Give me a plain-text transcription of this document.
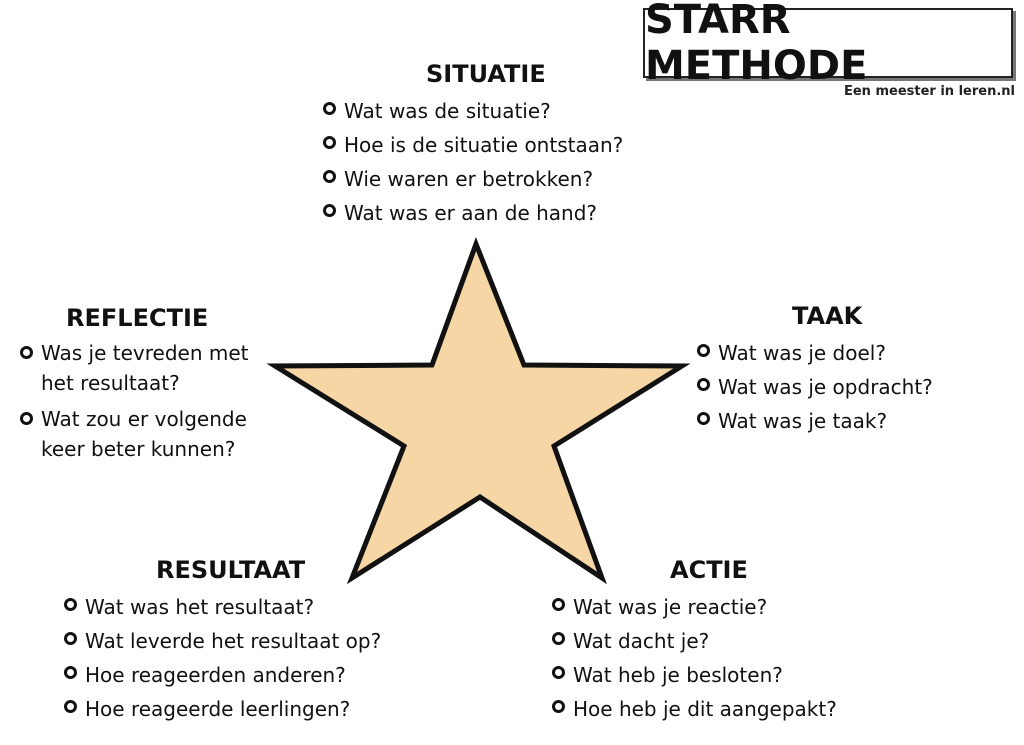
STARR METHODE
Een meester in leren.nl
SITUATIE
Wat was de situatie?
Hoe is de situatie ontstaan?
Wie waren er betrokken?
Wat was er aan de hand?
TAAK
Wat was je doel?
Wat was je opdracht?
Wat was je taak?
REFLECTIE
Was je tevreden met
het resultaat?
Wat zou er volgende
keer beter kunnen?
RESULTAAT
Wat was het resultaat?
Wat leverde het resultaat op?
Hoe reageerden anderen?
Hoe reageerde leerlingen?
ACTIE
Wat was je reactie?
Wat dacht je?
Wat heb je besloten?
Hoe heb je dit aangepakt?
